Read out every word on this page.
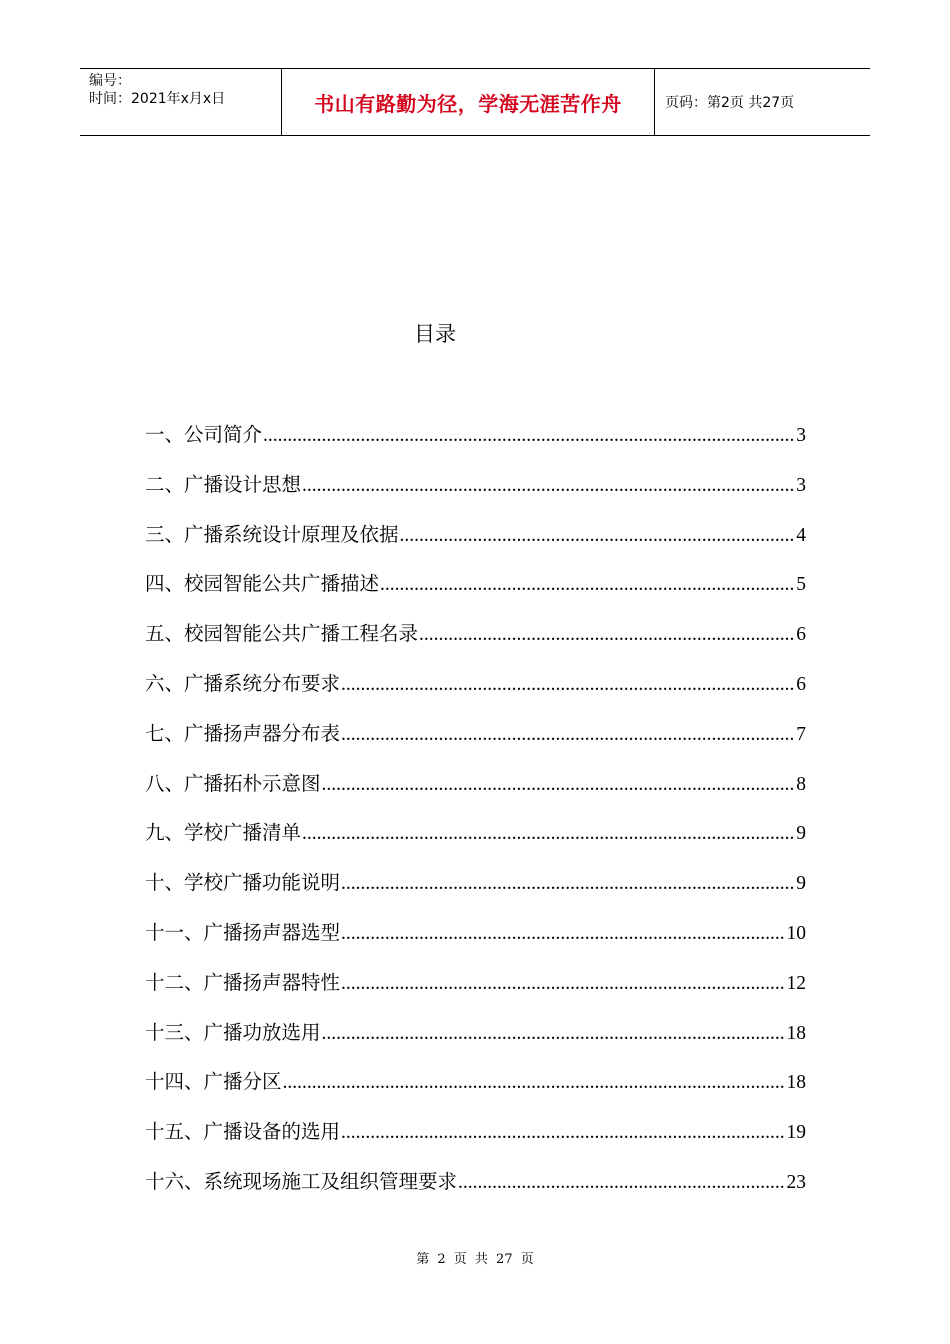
编号：
时间：2021年x月x日	书山有路勤为径，学海无涯苦作舟	页码：第2页 共27页
目录
一、公司简介 .....	3
二、广播设计思想 .....	3
三、广播系统设计原理及依据 .....	4
四、校园智能公共广播描述 .....	5
五、校园智能公共广播工程名录 .....	6
六、广播系统分布要求 .....	6
七、广播扬声器分布表 .....	7
八、广播拓朴示意图 .....	8
九、学校广播清单 .....	9
十、学校广播功能说明 .....	9
十一、广播扬声器选型 .....	10
十二、广播扬声器特性 .....	12
十三、广播功放选用 .....	18
十四、广播分区 .....	18
十五、广播设备的选用 .....	19
十六、系统现场施工及组织管理要求 .....	23
第 2 页 共 27 页
